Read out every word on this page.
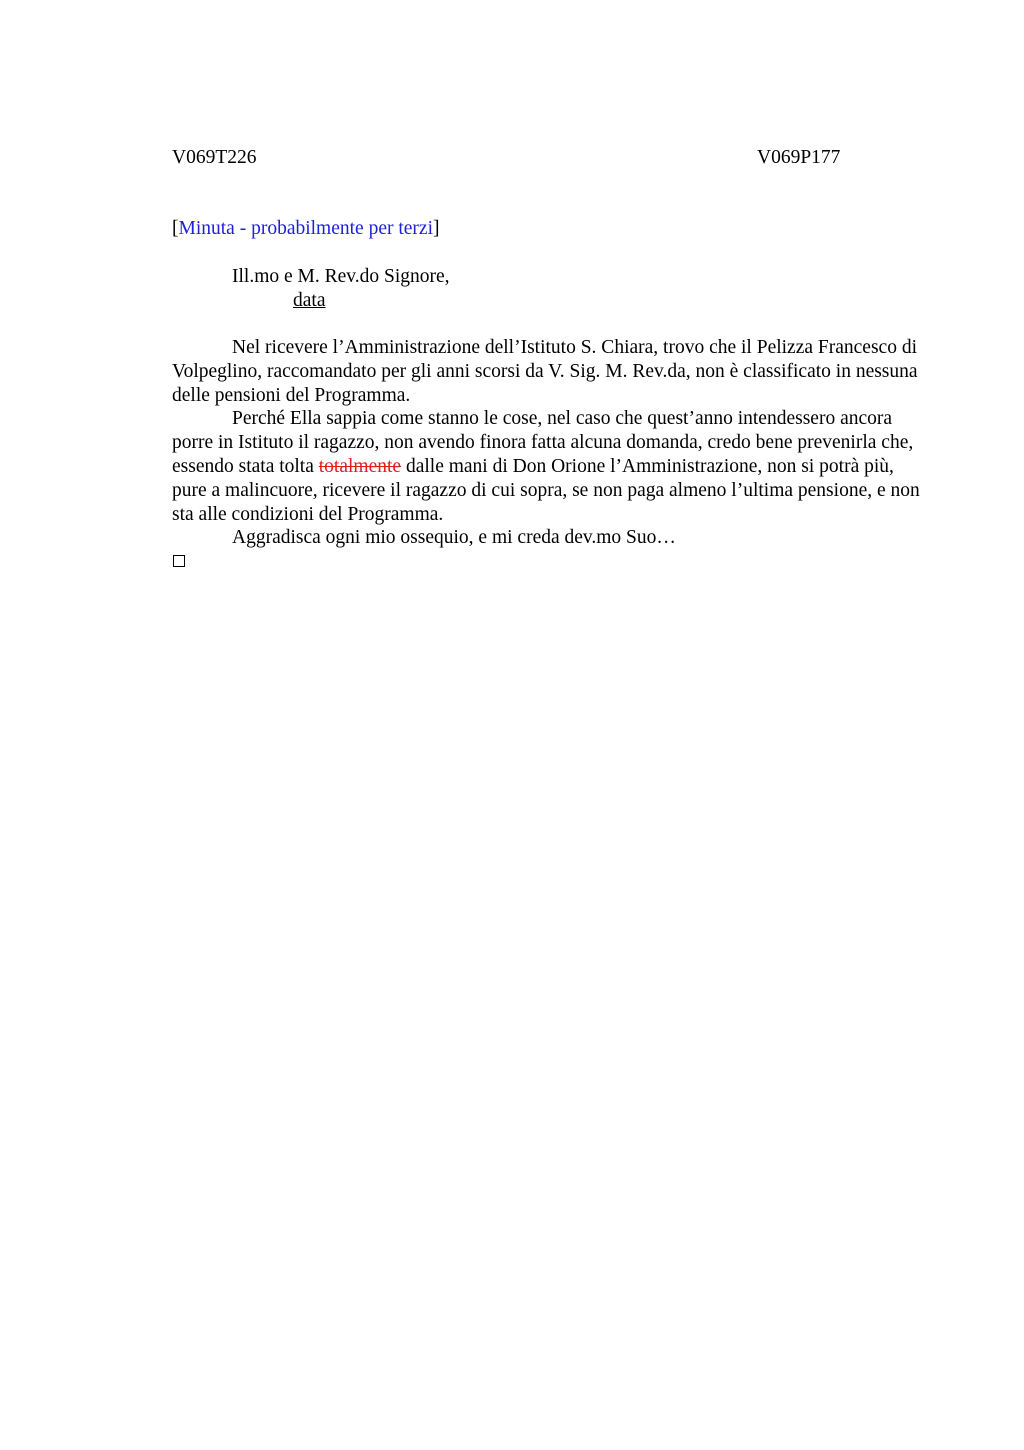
V069T226	V069P177
[Minuta - probabilmente per terzi]
Ill.mo e M. Rev.do Signore,
data

Nel ricevere l’Amministrazione dell’Istituto S. Chiara, trovo che il Pelizza Francesco di Volpeglino, raccomandato per gli anni scorsi da V. Sig. M. Rev.da, non è classificato in nessuna delle pensioni del Programma.

Perché Ella sappia come stanno le cose, nel caso che quest’anno intendessero ancora porre in Istituto il ragazzo, non avendo finora fatta alcuna domanda, credo bene prevenirla che, essendo stata tolta totalmente dalle mani di Don Orione l’Amministrazione, non si potrà più, pure a malincuore, ricevere il ragazzo di cui sopra, se non paga almeno l’ultima pensione, e non sta alle condizioni del Programma.

Aggradisca ogni mio ossequio, e mi creda dev.mo Suo…
